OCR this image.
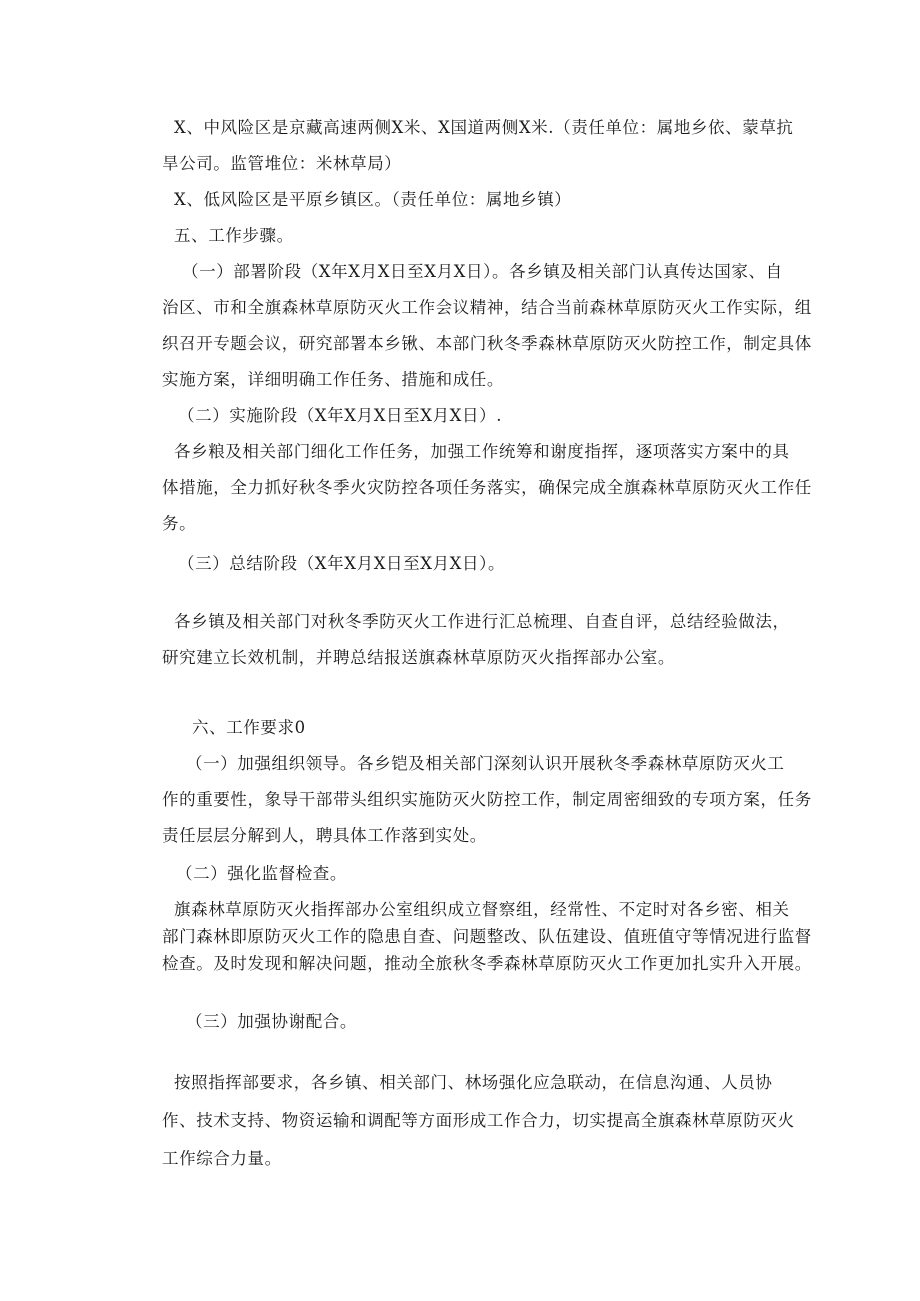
X、中风险区是京藏高速两侧X米、X国道两侧X米.（责任单位：属地乡依、蒙草抗
旱公司。监管堆位：米林草局）
X、低风险区是平原乡镇区。（责任单位：属地乡镇）
五、工作步骤。
（一）部署阶段（X年X月X日至X月X日）。各乡镇及相关部门认真传达国家、自
治区、市和全旗森林草原防灭火工作会议精神，结合当前森林草原防灭火工作实际，组
织召开专题会议，研究部署本乡锹、本部门秋冬季森林草原防灭火防控工作，制定具体
实施方案，详细明确工作任务、措施和成任。
（二）实施阶段（X年X月X日至X月X日）.
各乡粮及相关部门细化工作任务，加强工作统筹和谢度指挥，逐项落实方案中的具
体措施，全力抓好秋冬季火灾防控各项任务落实，确保完成全旗森林草原防灭火工作任
务。
（三）总结阶段（X年X月X日至X月X日）。
各乡镇及相关部门对秋冬季防灭火工作进行汇总梳理、自查自评，总结经验做法，
研究建立长效机制，并聘总结报送旗森林草原防灭火指挥部办公室。
六、工作要求0
（一）加强组织领导。各乡铠及相关部门深刻认识开展秋冬季森林草原防灭火工
作的重要性，象导干部带头组织实施防灭火防控工作，制定周密细致的专项方案，任务
责任层层分解到人，聘具体工作落到实处。
（二）强化监督检查。
旗森林草原防灭火指挥部办公室组织成立督察组，经常性、不定时对各乡密、相关
部门森林即原防灭火工作的隐患自查、问题整改、队伍建设、值班值守等情况进行监督
检查。及时发现和解决问题，推动全旅秋冬季森林草原防灭火工作更加扎实升入开展。
（三）加强协谢配合。
按照指挥部要求，各乡镇、相关部门、林场强化应急联动，在信息沟通、人员协
作、技术支持、物资运输和调配等方面形成工作合力，切实提高全旗森林草原防灭火
工作综合力量。
